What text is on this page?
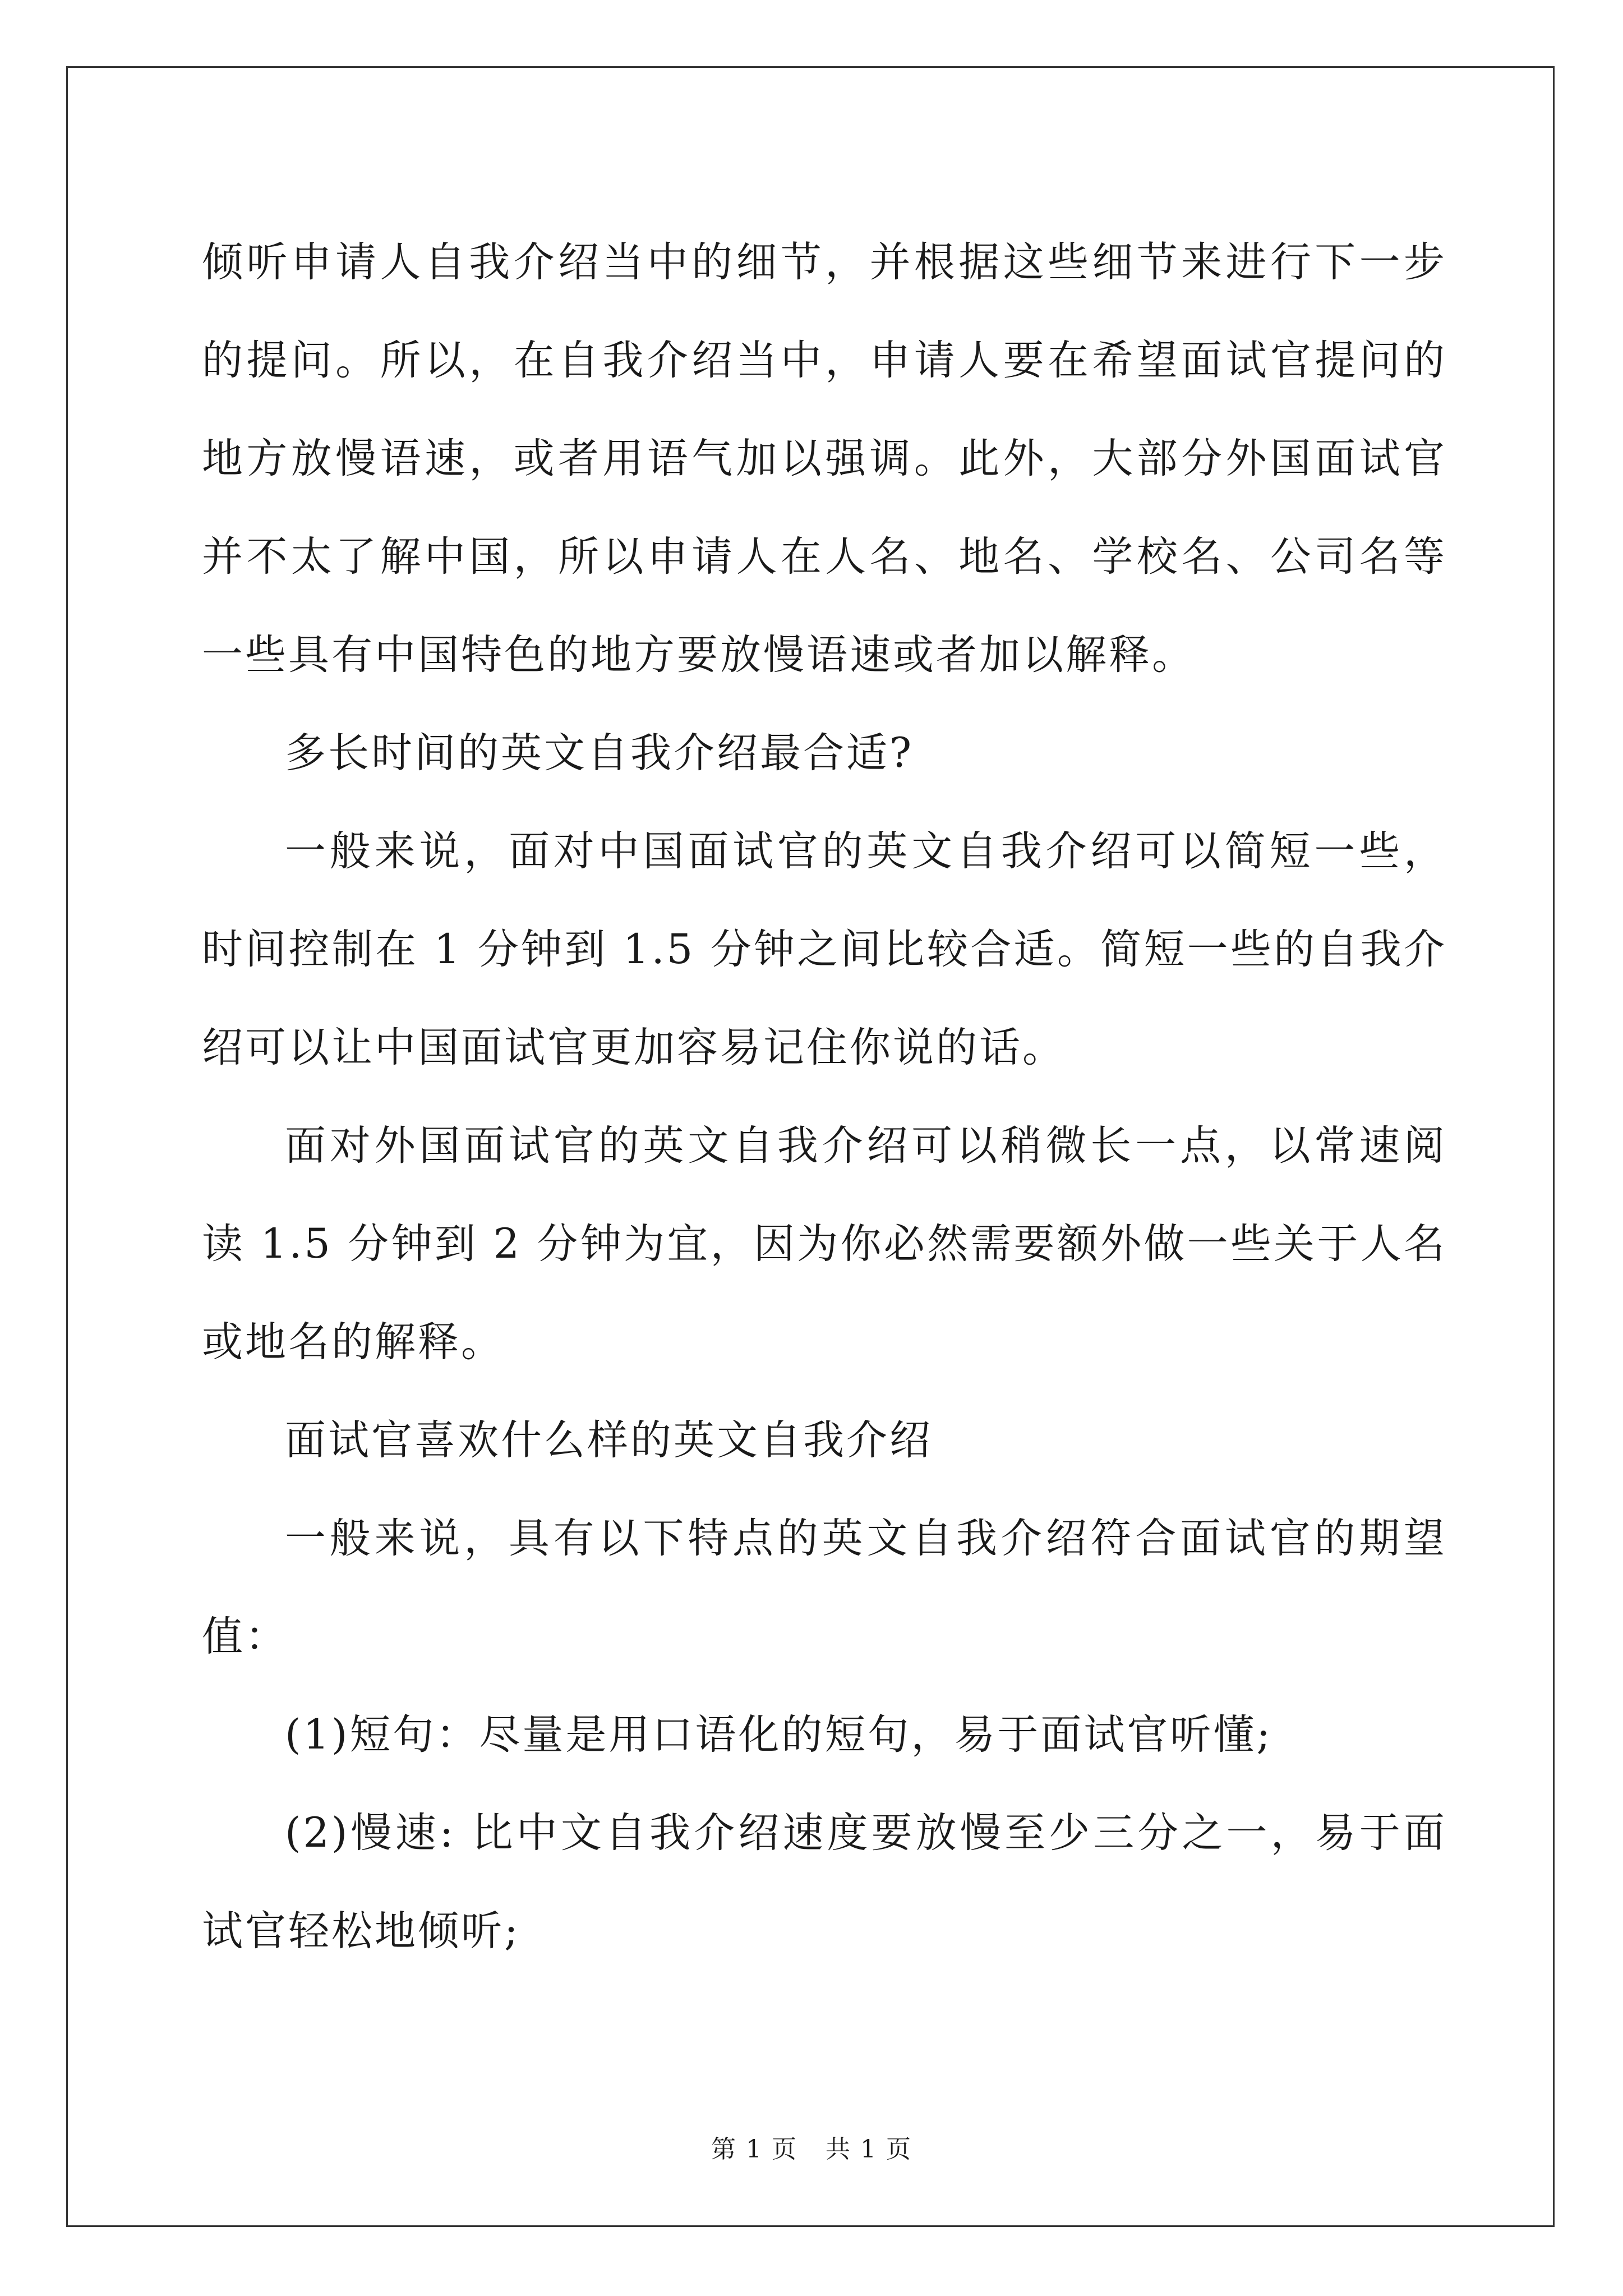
倾听申请人自我介绍当中的细节，并根据这些细节来进行下一步的提问。所以，在自我介绍当中，申请人要在希望面试官提问的地方放慢语速，或者用语气加以强调。此外，大部分外国面试官并不太了解中国，所以申请人在人名、地名、学校名、公司名等一些具有中国特色的地方要放慢语速或者加以解释。

多长时间的英文自我介绍最合适?

一般来说，面对中国面试官的英文自我介绍可以简短一些，时间控制在 1 分钟到 1.5 分钟之间比较合适。简短一些的自我介绍可以让中国面试官更加容易记住你说的话。

面对外国面试官的英文自我介绍可以稍微长一点，以常速阅读 1.5 分钟到 2 分钟为宜，因为你必然需要额外做一些关于人名或地名的解释。

面试官喜欢什么样的英文自我介绍

一般来说，具有以下特点的英文自我介绍符合面试官的期望值：

(1)短句：尽量是用口语化的短句，易于面试官听懂;

(2)慢速: 比中文自我介绍速度要放慢至少三分之一，易于面试官轻松地倾听;

第 1 页 共 1 页
